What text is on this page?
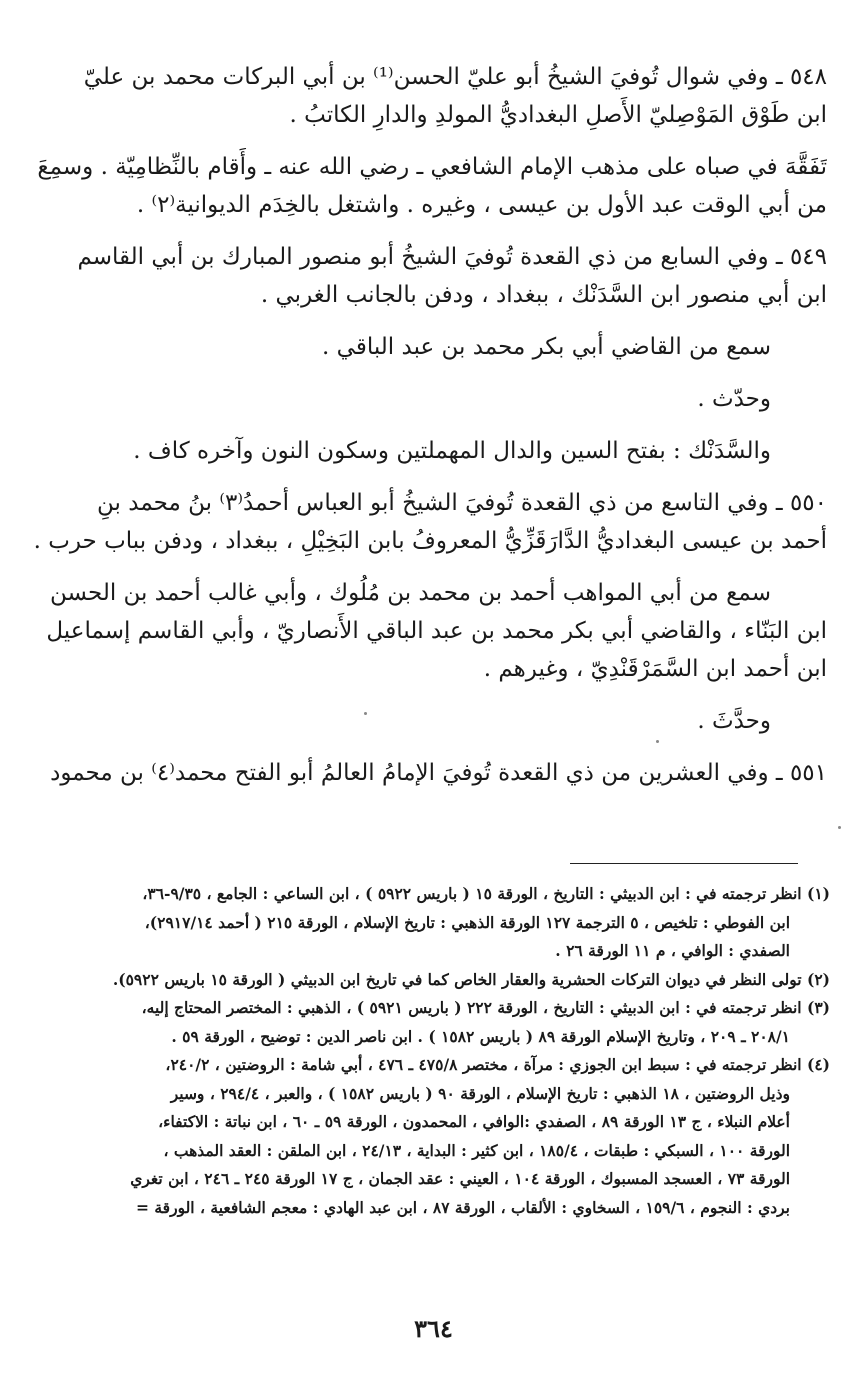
٥٤٨ ـ وفي شوال تُوفيَ الشيخُ أبو عليّ الحسن⁽¹⁾ بن أبي البركات محمد بن عليّ
ابن طَوْق المَوْصِليّ الأَصلِ البغداديُّ المولدِ والدارِ الكاتبُ .
تَفَقَّهَ في صباه على مذهب الإمام الشافعي ـ رضي الله عنه ـ وأَقام بالنِّظامِيّة . وسمِعَ
من أبي الوقت عبد الأول بن عيسى ، وغيره . واشتغل بالخِدَم الديوانية⁽٢⁾ .
٥٤٩ ـ وفي السابع من ذي القعدة تُوفيَ الشيخُ أبو منصور المبارك بن أبي القاسم
ابن أبي منصور ابن السَّدَنْك ، ببغداد ، ودفن بالجانب الغربي .
سمع من القاضي أبي بكر محمد بن عبد الباقي .
وحدّث .
والسَّدَنْك : بفتح السين والدال المهملتين وسكون النون وآخره كاف .
٥٥٠ ـ وفي التاسع من ذي القعدة تُوفيَ الشيخُ أبو العباس أحمدُ⁽٣⁾ بنُ محمد بنِ
أحمد بن عيسى البغداديُّ الدَّارَقَزِّيُّ المعروفُ بابن البَخِيْلِ ، ببغداد ، ودفن بباب حرب .
سمع من أبي المواهب أحمد بن محمد بن مُلُوك ، وأبي غالب أحمد بن الحسن
ابن البَنّاء ، والقاضي أبي بكر محمد بن عبد الباقي الأَنصاريّ ، وأبي القاسم إسماعيل
ابن أحمد ابن السَّمَرْقَنْدِيّ ، وغيرهم .
وحدَّثَ .
٥٥١ ـ وفي العشرين من ذي القعدة تُوفيَ الإمامُ العالمُ أبو الفتح محمد⁽٤⁾ بن محمود
(١) انظر ترجمته في : ابن الدبيثي : التاريخ ، الورقة ١٥ ( باريس ٥٩٢٢ ) ، ابن الساعي : الجامع ، ٩/٣٥-٣٦،
ابن الفوطي : تلخيص ، ٥ الترجمة ١٢٧ الورقة الذهبي : تاريخ الإسلام ، الورقة ٢١٥ ( أحمد ٢٩١٧/١٤)،
الصفدي : الوافي ، م ١١ الورقة ٢٦ .
(٢) تولى النظر في ديوان التركات الحشرية والعقار الخاص كما في تاريخ ابن الدبيثي ( الورقة ١٥ باريس ٥٩٢٢).
(٣) انظر ترجمته في : ابن الدبيثي : التاريخ ، الورقة ٢٢٢ ( باريس ٥٩٢١ ) ، الذهبي : المختصر المحتاج إليه،
٢٠٨/١ ـ ٢٠٩ ، وتاريخ الإسلام الورقة ٨٩ ( باريس ١٥٨٢ ) . ابن ناصر الدين : توضيح ، الورقة ٥٩ .
(٤) انظر ترجمته في : سبط ابن الجوزي : مرآة ، مختصر ٤٧٥/٨ ـ ٤٧٦ ، أبي شامة : الروضتين ، ٢٤٠/٢،
وذيل الروضتين ، ١٨ الذهبي : تاريخ الإسلام ، الورقة ٩٠ ( باريس ١٥٨٢ ) ، والعبر ، ٢٩٤/٤ ، وسير
أعلام النبلاء ، ج ١٣ الورقة ٨٩ ، الصفدي :الوافي ، المحمدون ، الورقة ٥٩ ـ ٦٠ ، ابن نباتة : الاكتفاء،
الورقة ١٠٠ ، السبكي : طبقات ، ١٨٥/٤ ، ابن كثير : البداية ، ٢٤/١٣ ، ابن الملقن : العقد المذهب ،
الورقة ٧٣ ، العسجد المسبوك ، الورقة ١٠٤ ، العيني : عقد الجمان ، ج ١٧ الورقة ٢٤٥ ـ ٢٤٦ ، ابن تغري
بردي : النجوم ، ١٥٩/٦ ، السخاوي : الألقاب ، الورقة ٨٧ ، ابن عبد الهادي : معجم الشافعية ، الورقة =
٣٦٤
